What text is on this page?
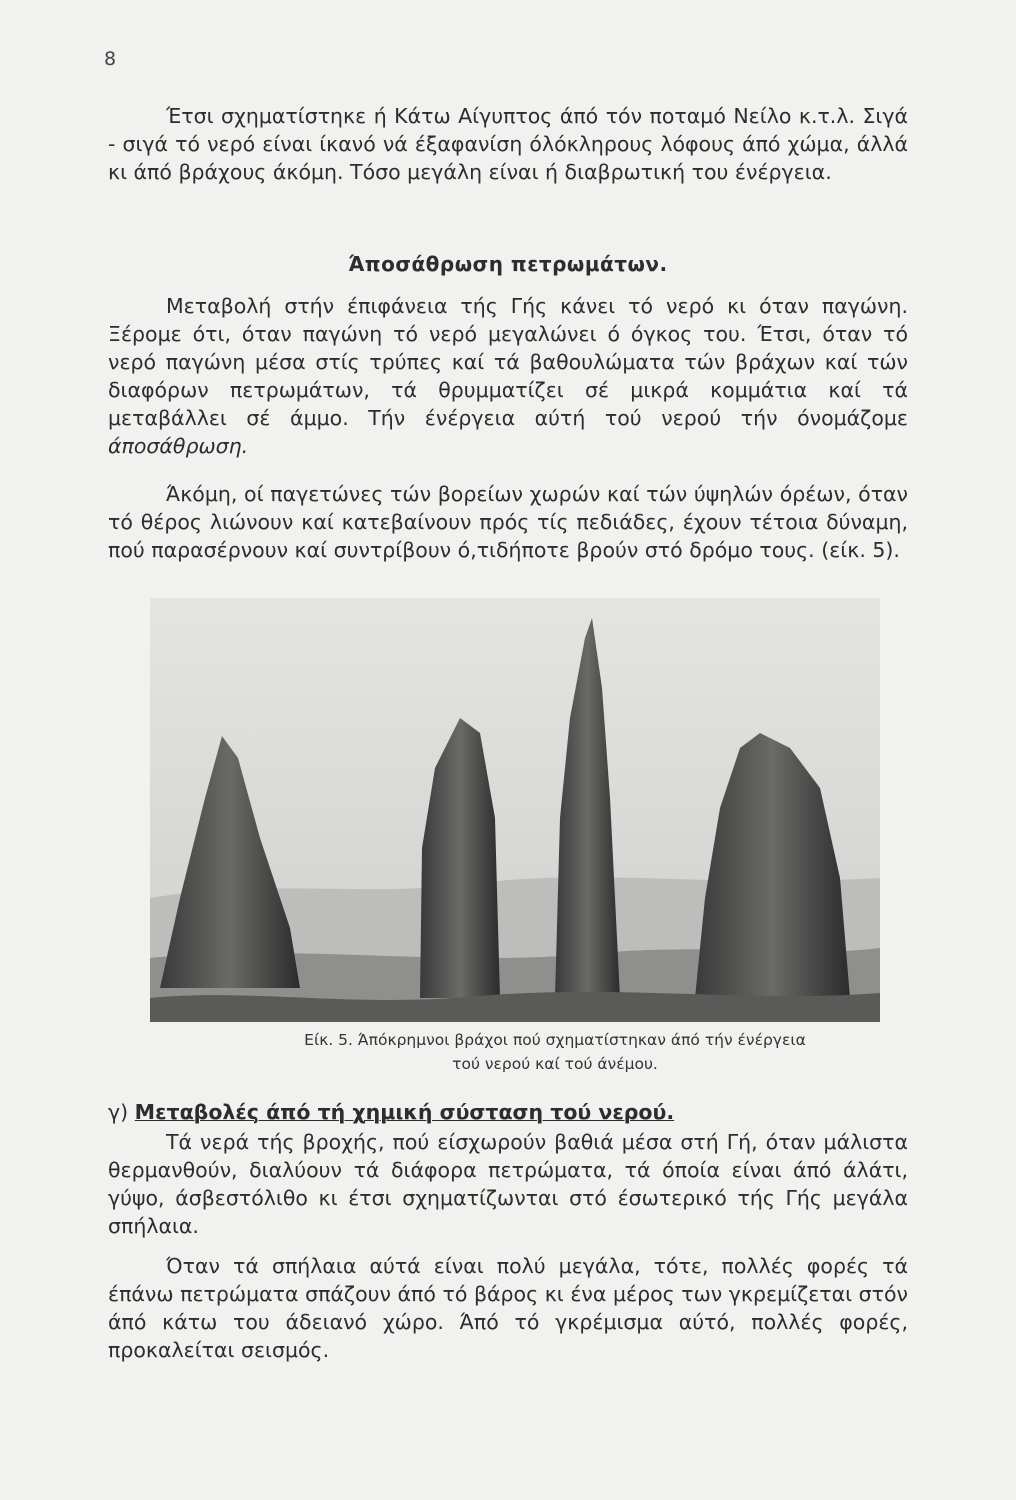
8

Έτσι σχηματίστηκε ή Κάτω Αίγυπτος άπό τόν ποταμό Νείλο κ.τ.λ. Σιγά - σιγά τό νερό είναι ίκανό νά έξαφανίση όλόκληρους λόφους άπό χώμα, άλλά κι άπό βράχους άκόμη. Τόσο μεγάλη είναι ή διαβρωτική του ένέργεια.

Άποσάθρωση πετρωμάτων.

Μεταβολή στήν έπιφάνεια τής Γής κάνει τό νερό κι όταν παγώνη. Ξέρομε ότι, όταν παγώνη τό νερό μεγαλώνει ό όγκος του. Έτσι, όταν τό νερό παγώνη μέσα στίς τρύπες καί τά βαθουλώματα τών βράχων καί τών διαφόρων πετρωμάτων, τά θρυμματίζει σέ μικρά κομμάτια καί τά μεταβάλλει σέ άμμο. Τήν ένέργεια αύτή τού νερού τήν όνομάζομε άποσάθρωση.

Άκόμη, οί παγετώνες τών βορείων χωρών καί τών ύψηλών όρέων, όταν τό θέρος λιώνουν καί κατεβαίνουν πρός τίς πεδιάδες, έχουν τέτοια δύναμη, πού παρασέρνουν καί συντρίβουν ό,τιδήποτε βρούν στό δρόμο τους. (είκ. 5).

Είκ. 5. Άπόκρημνοι βράχοι πού σχηματίστηκαν άπό τήν ένέργεια
τού νερού καί τού άνέμου.
γ) Μεταβολές άπό τή χημική σύσταση τού νερού.

Τά νερά τής βροχής, πού είσχωρούν βαθιά μέσα στή Γή, όταν μάλιστα θερμανθούν, διαλύουν τά διάφορα πετρώματα, τά όποία είναι άπό άλάτι, γύψο, άσβεστόλιθο κι έτσι σχηματίζωνται στό έσωτερικό τής Γής μεγάλα σπήλαια.

Όταν τά σπήλαια αύτά είναι πολύ μεγάλα, τότε, πολλές φορές τά έπάνω πετρώματα σπάζουν άπό τό βάρος κι ένα μέρος των γκρεμίζεται στόν άπό κάτω του άδειανό χώρο. Άπό τό γκρέμισμα αύτό, πολλές φορές, προκαλείται σεισμός.
